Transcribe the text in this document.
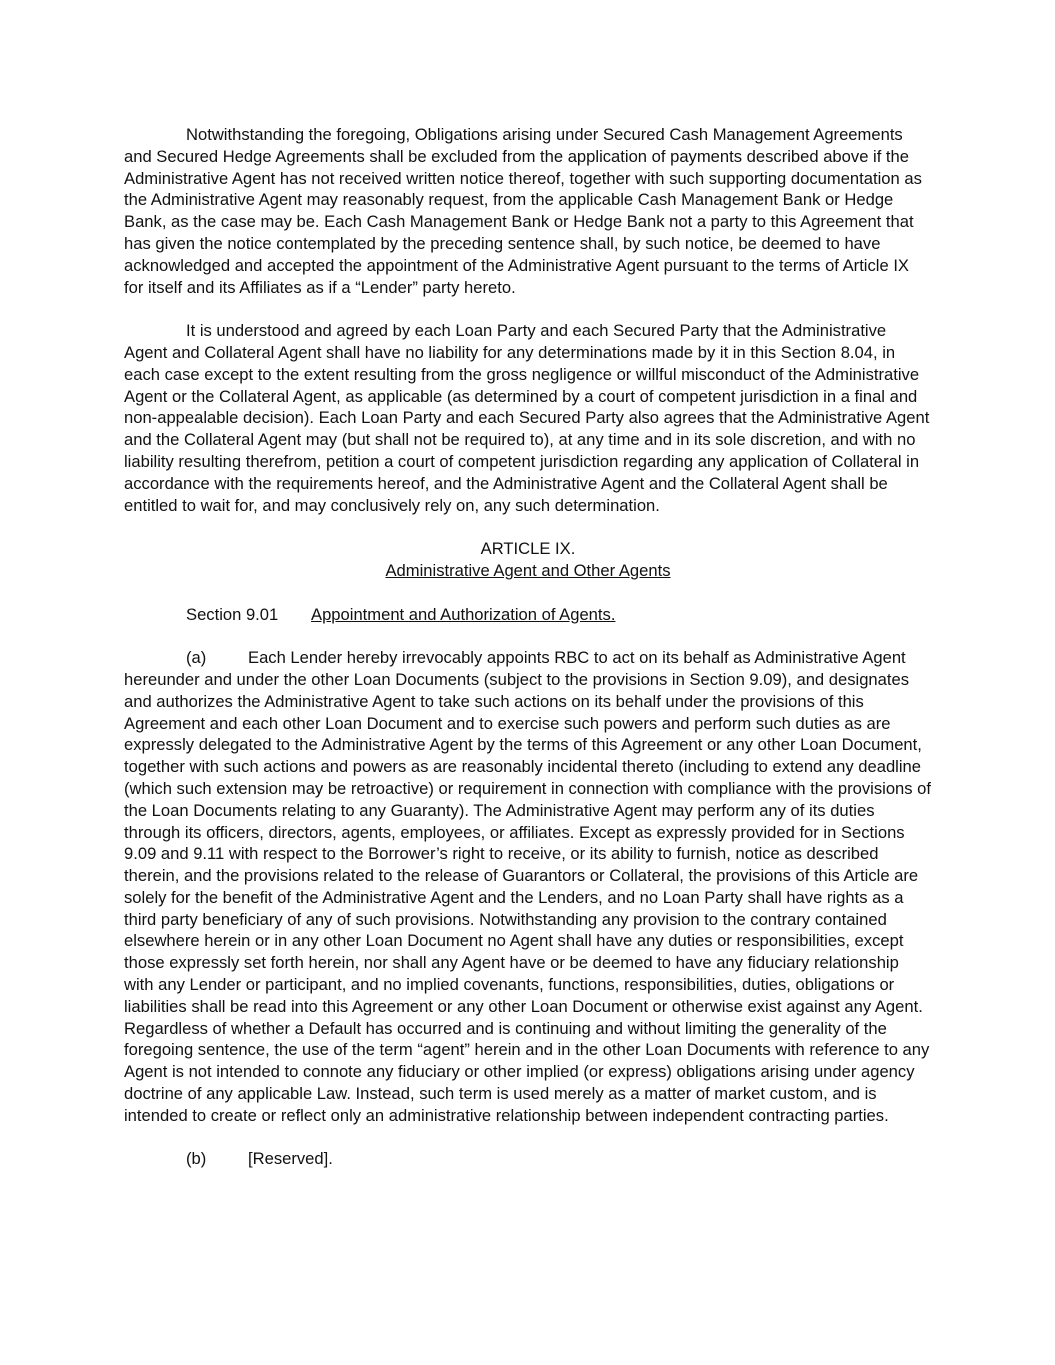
Notwithstanding the foregoing, Obligations arising under Secured Cash Management Agreements and Secured Hedge Agreements shall be excluded from the application of payments described above if the Administrative Agent has not received written notice thereof, together with such supporting documentation as the Administrative Agent may reasonably request, from the applicable Cash Management Bank or Hedge Bank, as the case may be. Each Cash Management Bank or Hedge Bank not a party to this Agreement that has given the notice contemplated by the preceding sentence shall, by such notice, be deemed to have acknowledged and accepted the appointment of the Administrative Agent pursuant to the terms of Article IX for itself and its Affiliates as if a “Lender” party hereto.

It is understood and agreed by each Loan Party and each Secured Party that the Administrative Agent and Collateral Agent shall have no liability for any determinations made by it in this Section 8.04, in each case except to the extent resulting from the gross negligence or willful misconduct of the Administrative Agent or the Collateral Agent, as applicable (as determined by a court of competent jurisdiction in a final and non-appealable decision). Each Loan Party and each Secured Party also agrees that the Administrative Agent and the Collateral Agent may (but shall not be required to), at any time and in its sole discretion, and with no liability resulting therefrom, petition a court of competent jurisdiction regarding any application of Collateral in accordance with the requirements hereof, and the Administrative Agent and the Collateral Agent shall be entitled to wait for, and may conclusively rely on, any such determination.

ARTICLE IX.

Administrative Agent and Other Agents

Section 9.01 Appointment and Authorization of Agents.

(a)	Each Lender hereby irrevocably appoints RBC to act on its behalf as Administrative Agent hereunder and under the other Loan Documents (subject to the provisions in Section 9.09), and designates and authorizes the Administrative Agent to take such actions on its behalf under the provisions of this Agreement and each other Loan Document and to exercise such powers and perform such duties as are expressly delegated to the Administrative Agent by the terms of this Agreement or any other Loan Document, together with such actions and powers as are reasonably incidental thereto (including to extend any deadline (which such extension may be retroactive) or requirement in connection with compliance with the provisions of the Loan Documents relating to any Guaranty). The Administrative Agent may perform any of its duties through its officers, directors, agents, employees, or affiliates. Except as expressly provided for in Sections 9.09 and 9.11 with respect to the Borrower’s right to receive, or its ability to furnish, notice as described therein, and the provisions related to the release of Guarantors or Collateral, the provisions of this Article are solely for the benefit of the Administrative Agent and the Lenders, and no Loan Party shall have rights as a third party beneficiary of any of such provisions. Notwithstanding any provision to the contrary contained elsewhere herein or in any other Loan Document no Agent shall have any duties or responsibilities, except those expressly set forth herein, nor shall any Agent have or be deemed to have any fiduciary relationship with any Lender or participant, and no implied covenants, functions, responsibilities, duties, obligations or liabilities shall be read into this Agreement or any other Loan Document or otherwise exist against any Agent. Regardless of whether a Default has occurred and is continuing and without limiting the generality of the foregoing sentence, the use of the term “agent” herein and in the other Loan Documents with reference to any Agent is not intended to connote any fiduciary or other implied (or express) obligations arising under agency doctrine of any applicable Law. Instead, such term is used merely as a matter of market custom, and is intended to create or reflect only an administrative relationship between independent contracting parties.

(b)	[Reserved].
